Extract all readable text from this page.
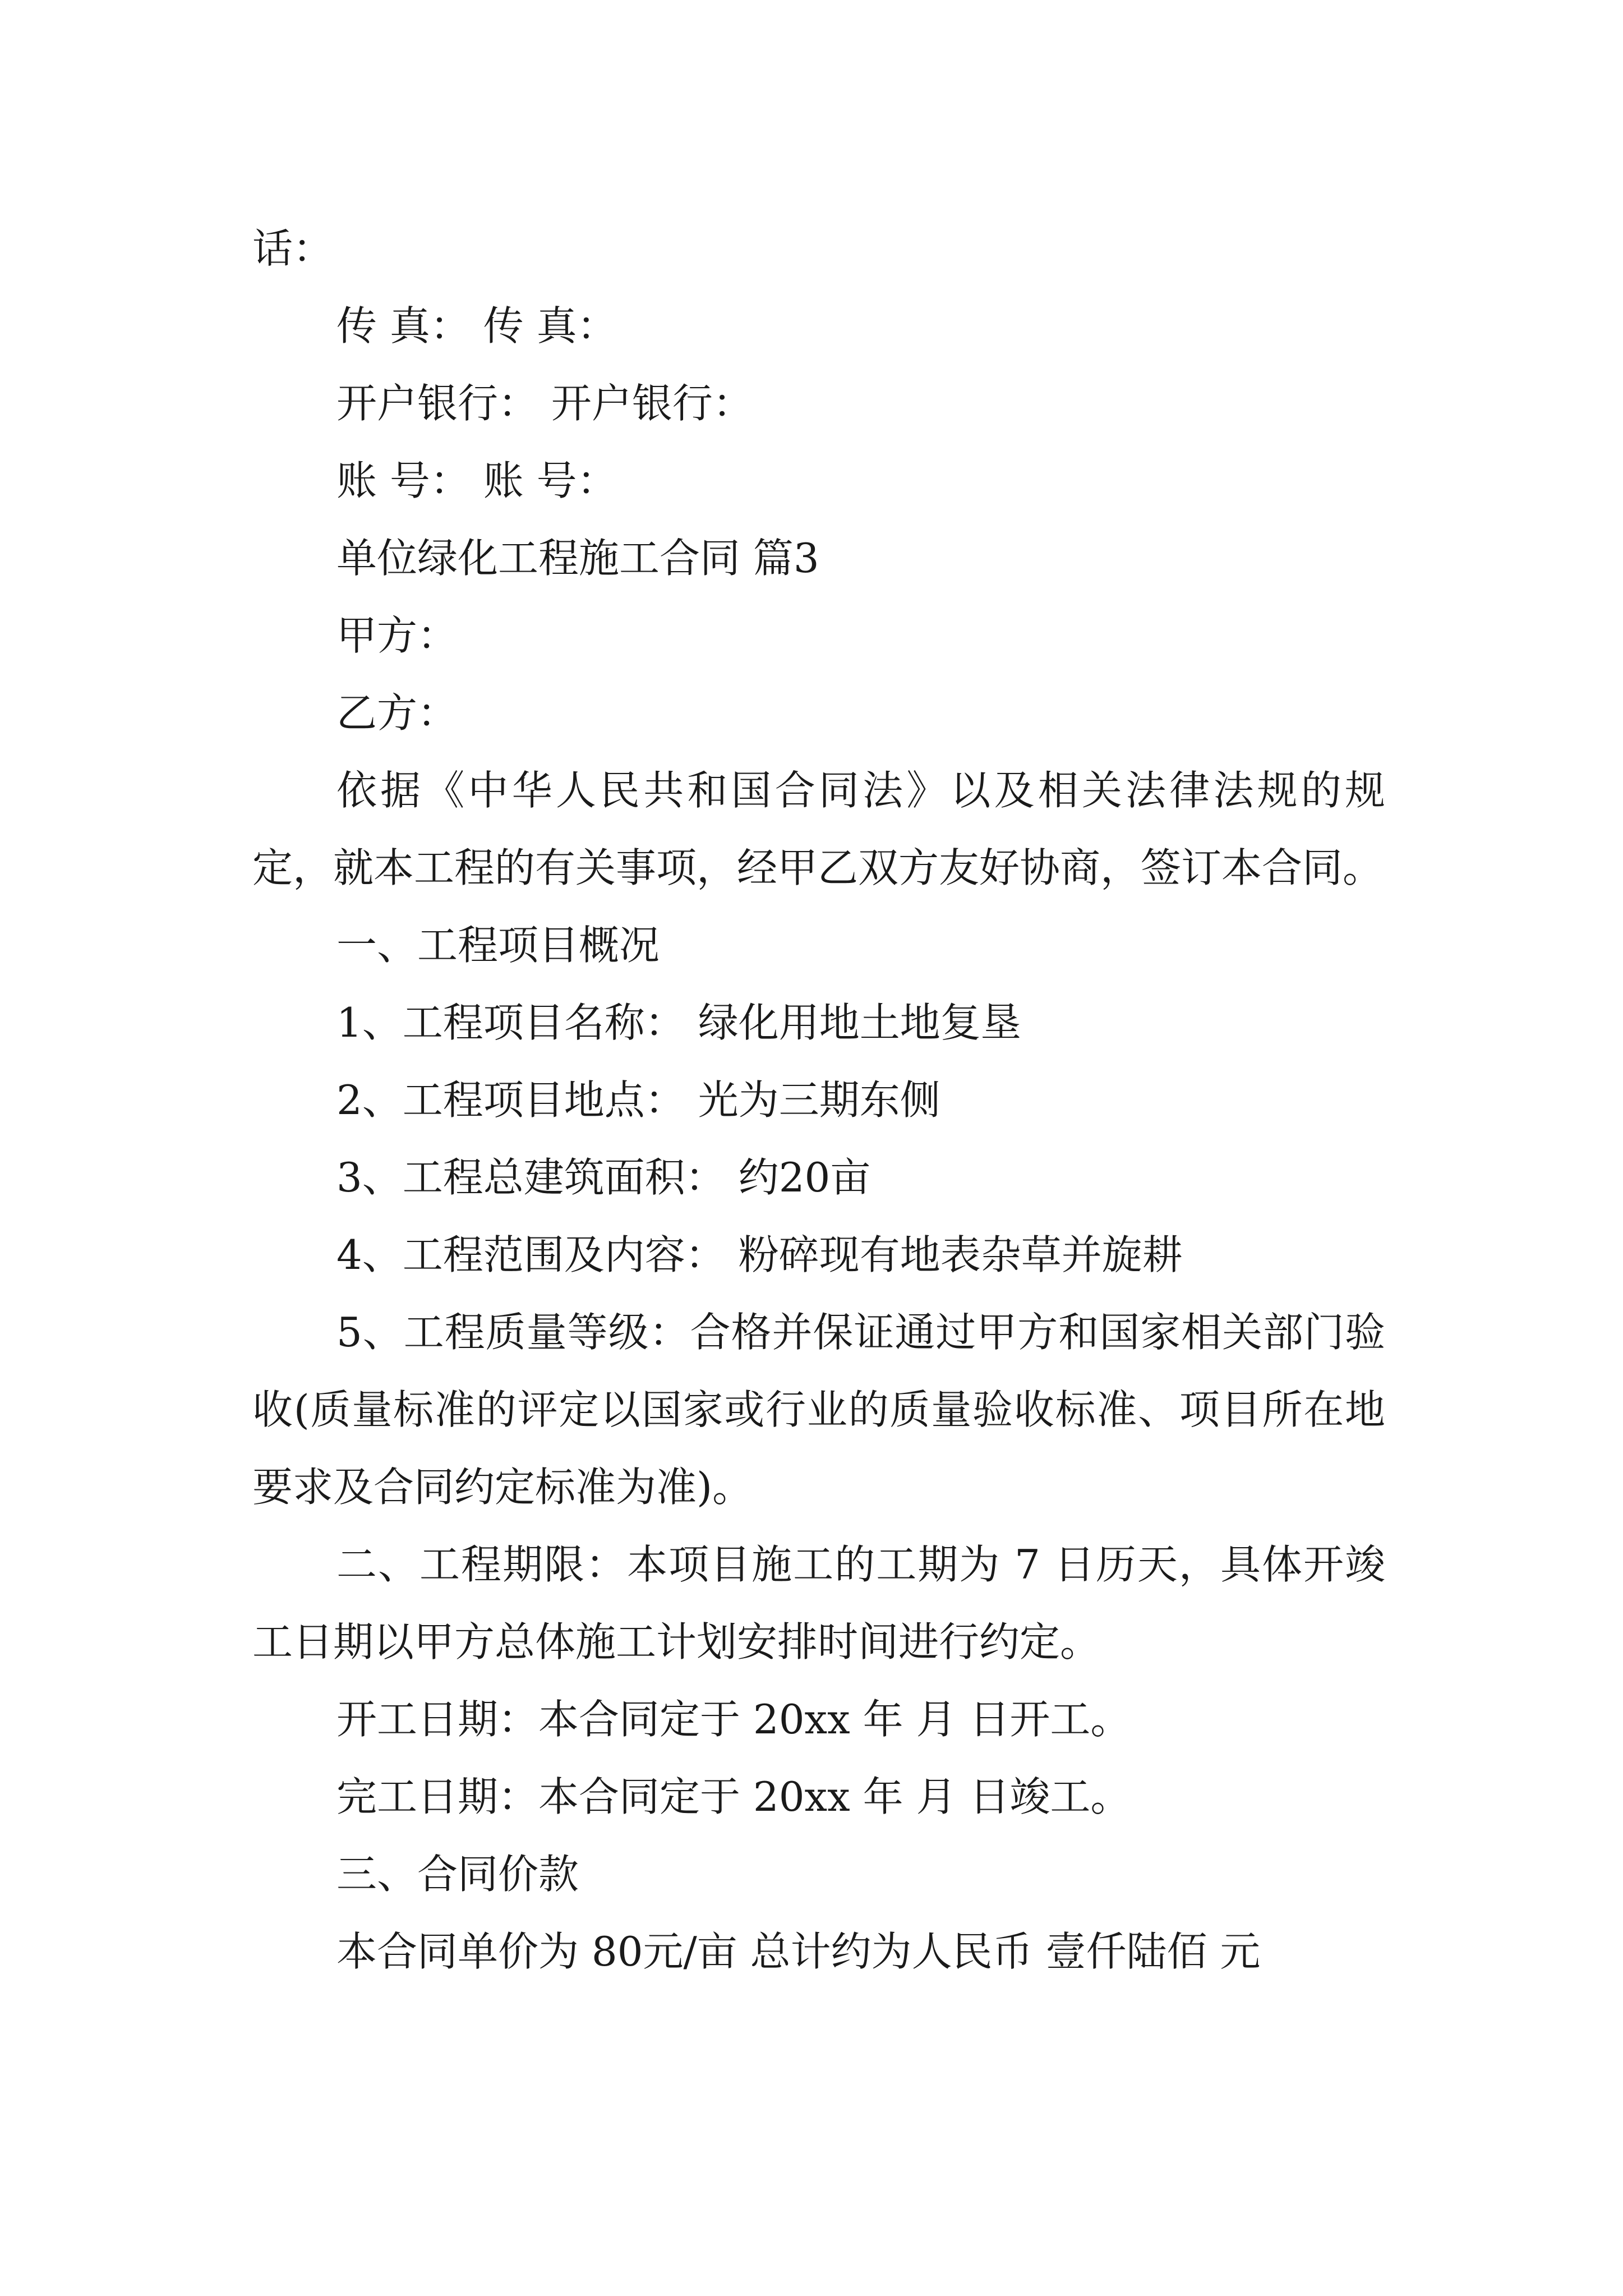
话：

传 真： 传 真：

开户银行： 开户银行：

账 号： 账 号：

单位绿化工程施工合同 篇3

甲方：

乙方：

依据《中华人民共和国合同法》以及相关法律法规的规定，就本工程的有关事项，经甲乙双方友好协商，签订本合同。

一、工程项目概况

1、工程项目名称： 绿化用地土地复垦

2、工程项目地点： 光为三期东侧

3、工程总建筑面积： 约20亩

4、工程范围及内容： 粉碎现有地表杂草并旋耕

5、工程质量等级：合格并保证通过甲方和国家相关部门验收(质量标准的评定以国家或行业的质量验收标准、项目所在地要求及合同约定标准为准)。

二、工程期限：本项目施工的工期为 7 日历天，具体开竣工日期以甲方总体施工计划安排时间进行约定。

开工日期：本合同定于 20xx 年 月 日开工。

完工日期：本合同定于 20xx 年 月 日竣工。

三、合同价款

本合同单价为 80元/亩 总计约为人民币 壹仟陆佰 元
